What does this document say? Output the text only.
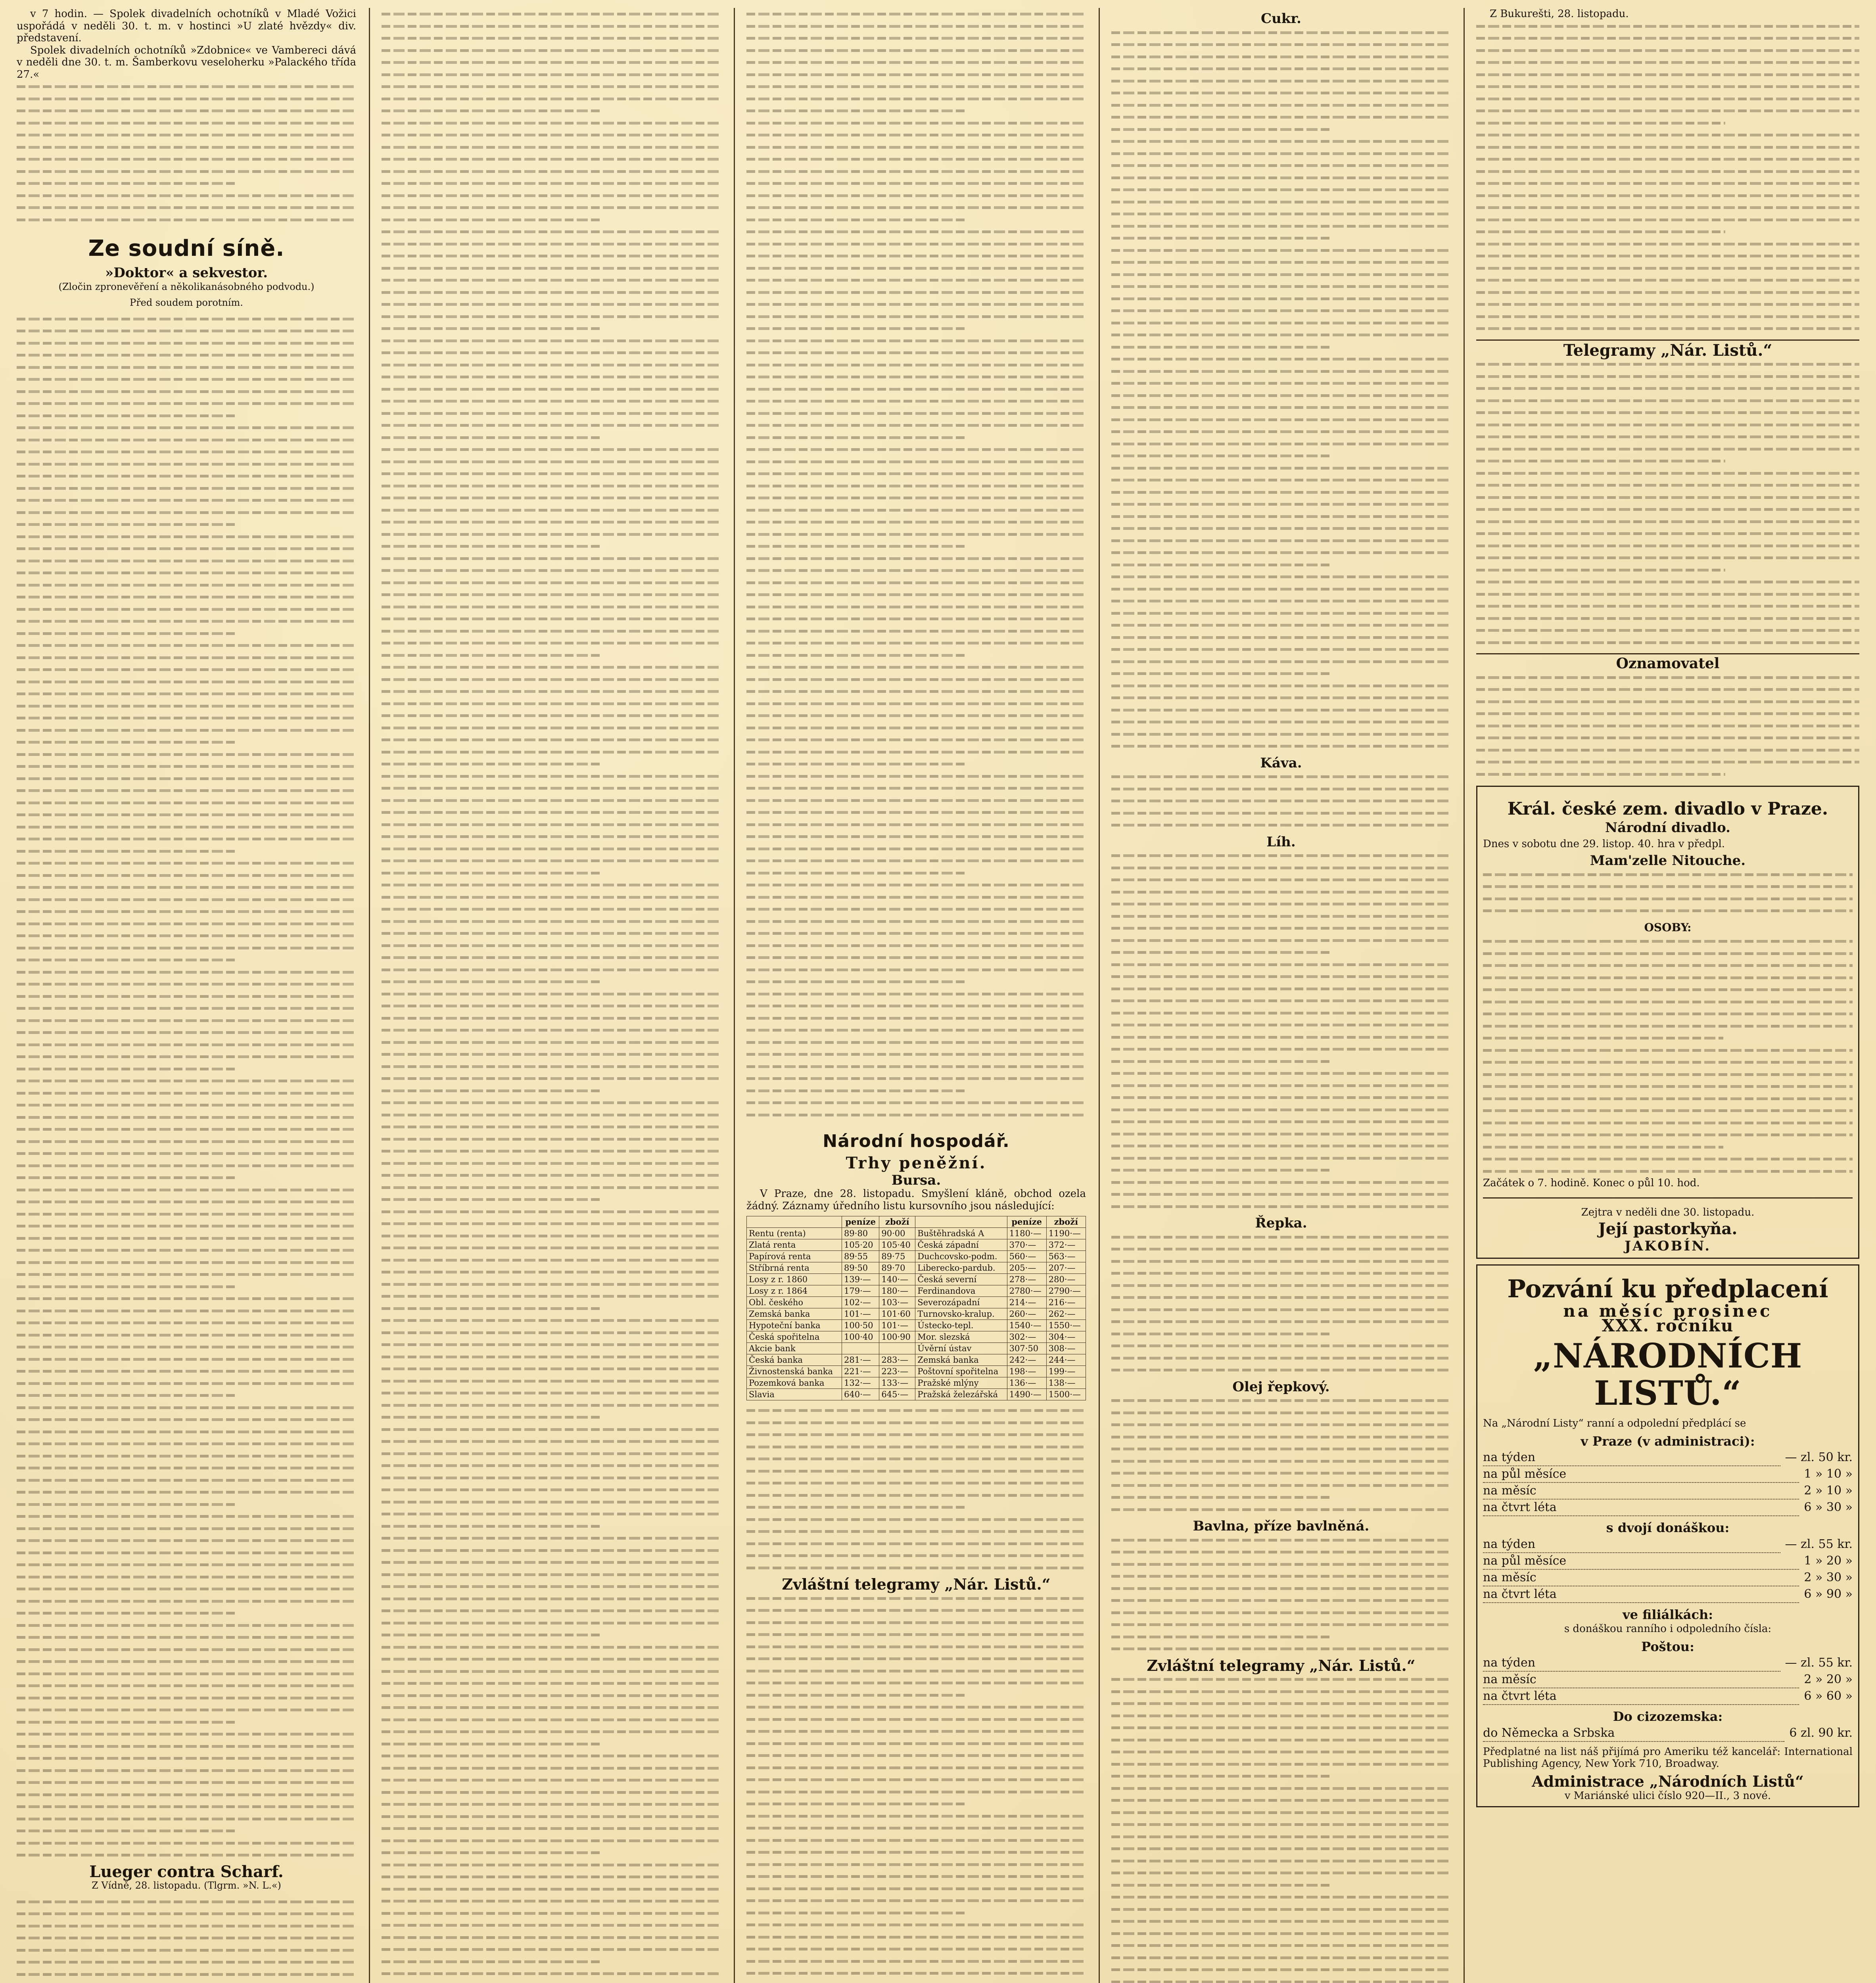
v 7 hodin. — Spolek divadelních ochotníků v Mladé Vožici uspořádá v neděli 30. t. m. v hostinci »U zlaté hvězdy« div. představení.

Spolek divadelních ochotníků »Zdobnice« ve Vambereci dává v neděli dne 30. t. m. Šamberkovu veseloherku »Palackého třída 27.«

Ze soudní síně.
»Doktor« a sekvestor.
(Zločin zpronevěření a několikanásobného podvodu.)
Před soudem porotním.
Lueger contra Scharf.
Z Vídně, 28. listopadu. (Tlgrm. »N. L.«)

Národní hospodář.
Trhy peněžní.
Bursa.

V Praze, dne 28. listopadu. Smyšlení kláně, obchod ozela žádný. Záznamy úředního listu kursovního jsou následující:

	peníze	zboží		peníze	zboží
Rentu (renta)	89·80	90·00	Buštěhradská A	1180·—	1190·—
Zlatá renta	105·20	105·40	Česká západní	370·—	372·—
Papírová renta	89·55	89·75	Duchcovsko-podm.	560·—	563·—
Stříbrná renta	89·50	89·70	Liberecko-pardub.	205·—	207·—
Losy z r. 1860	139·—	140·—	Česká severní	278·—	280·—
Losy z r. 1864	179·—	180·—	Ferdinandova	2780·—	2790·—
Obl. českého	102·—	103·—	Severozápadní	214·—	216·—
Zemská banka	101·—	101·60	Turnovsko-kralup.	260·—	262·—
Hypoteční banka	100·50	101·—	Ústecko-tepl.	1540·—	1550·—
Česká spořitelna	100·40	100·90	Mor. slezská	302·—	304·—
Akcie bank			Úvěrní ústav	307·50	308·—
Česká banka	281·—	283·—	Zemská banka	242·—	244·—
Živnostenská banka	221·—	223·—	Poštovní spořitelna	198·—	199·—
Pozemková banka	132·—	133·—	Pražské mlýny	136·—	138·—
Slavia	640·—	645·—	Pražská železářská	1490·—	1500·—
Zvláštní telegramy „Nár. Listů.“
Cukr.
Káva.
Líh.
Řepka.
Olej řepkový.
Bavlna, příze bavlněná.
Zvláštní telegramy „Nár. Listů.“

Z Bukurešti, 28. listopadu.

Telegramy „Nár. Listů.“
Oznamovatel
Král. české zem. divadlo v Praze.
Národní divadlo.

Dnes v sobotu dne 29. listop. 40. hra v předpl.

Mam'zelle Nitouche.
OSOBY:

Začátek o 7. hodině. Konec o půl 10. hod.

Zejtra v neděli dne 30. listopadu.

Její pastorkyňa.
JAKOBÍN.
Pozvání ku předplacení
na měsíc prosinec
XXX. ročníku
„NÁRODNÍCH LISTŮ.“

Na „Národní Listy“ ranní a odpolední předplácí se

v Praze (v administraci):
na týden	— zl. 50 kr.
na půl měsíce	1 » 10 »
na měsíc	2 » 10 »
na čtvrt léta	6 » 30 »
s dvojí donáškou:
na týden	— zl. 55 kr.
na půl měsíce	1 » 20 »
na měsíc	2 » 30 »
na čtvrt léta	6 » 90 »
ve filiálkách:

s donáškou ranního i odpoledního čísla:

Poštou:
na týden	— zl. 55 kr.
na měsíc	2 » 20 »
na čtvrt léta	6 » 60 »
Do cizozemska:
do Německa a Srbska	6 zl. 90 kr.

Předplatné na list náš přijímá pro Ameriku též kancelář: International Publishing Agency, New York 710, Broadway.

Administrace „Národních Listů“

v Mariánské ulici číslo 920—II., 3 nové.
